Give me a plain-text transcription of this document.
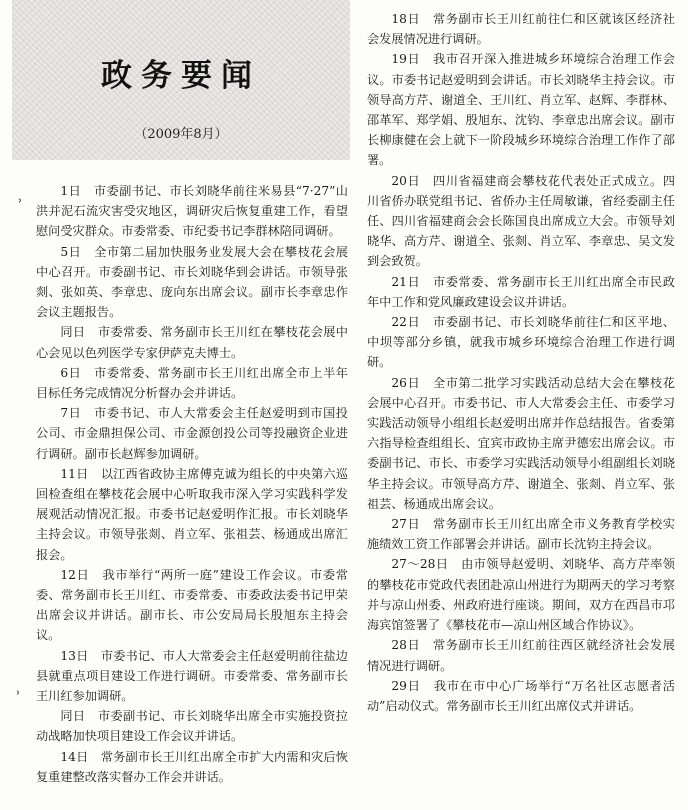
政务要闻
（2009年8月）
ʾ
ʾ

1日　市委副书记、市长刘晓华前往米易县“7·27”山洪并泥石流灾害受灾地区，调研灾后恢复重建工作，看望慰问受灾群众。市委常委、市纪委书记李群林陪同调研。

5日　全市第二届加快服务业发展大会在攀枝花会展中心召开。市委副书记、市长刘晓华到会讲话。市领导张剡、张如英、李章忠、庞向东出席会议。副市长李章忠作会议主题报告。

同日　市委常委、常务副市长王川红在攀枝花会展中心会见以色列医学专家伊萨克夫博士。

6日　市委常委、常务副市长王川红出席全市上半年目标任务完成情况分析督办会并讲话。

7日　市委书记、市人大常委会主任赵爱明到市国投公司、市金鼎担保公司、市金源创投公司等投融资企业进行调研。副市长赵辉参加调研。

11日　以江西省政协主席傅克诚为组长的中央第六巡回检查组在攀枝花会展中心听取我市深入学习实践科学发展观活动情况汇报。市委书记赵爱明作汇报。市长刘晓华主持会议。市领导张剡、肖立军、张祖芸、杨通成出席汇报会。

12日　我市举行“两所一庭”建设工作会议。市委常委、常务副市长王川红、市委常委、市委政法委书记甲荣出席会议并讲话。副市长、市公安局局长殷旭东主持会议。

13日　市委书记、市人大常委会主任赵爱明前往盐边县就重点项目建设工作进行调研。市委常委、常务副市长王川红参加调研。

同日　市委副书记、市长刘晓华出席全市实施投资拉动战略加快项目建设工作会议并讲话。

14日　常务副市长王川红出席全市扩大内需和灾后恢复重建整改落实督办工作会并讲话。

18日　常务副市长王川红前往仁和区就该区经济社会发展情况进行调研。

19日　我市召开深入推进城乡环境综合治理工作会议。市委书记赵爱明到会讲话。市长刘晓华主持会议。市领导高方芹、谢道全、王川红、肖立军、赵辉、李群林、邵革军、郑学娟、殷旭东、沈钧、李章忠出席会议。副市长柳康健在会上就下一阶段城乡环境综合治理工作作了部署。

20日　四川省福建商会攀枝花代表处正式成立。四川省侨办联党组书记、省侨办主任周敏谦，省经委副主任任、四川省福建商会会长陈国良出席成立大会。市领导刘晓华、高方芹、谢道全、张剡、肖立军、李章忠、吴文发到会致贺。

21日　市委常委、常务副市长王川红出席全市民政年中工作和党风廉政建设会议并讲话。

22日　市委副书记、市长刘晓华前往仁和区平地、中坝等部分乡镇，就我市城乡环境综合治理工作进行调研。

26日　全市第二批学习实践活动总结大会在攀枝花会展中心召开。市委书记、市人大常委会主任、市委学习实践活动领导小组组长赵爱明出席并作总结报告。省委第六指导检查组组长、宜宾市政协主席尹德宏出席会议。市委副书记、市长、市委学习实践活动领导小组副组长刘晓华主持会议。市领导高方芹、谢道全、张剡、肖立军、张祖芸、杨通成出席会议。

27日　常务副市长王川红出席全市义务教育学校实施绩效工资工作部署会并讲话。副市长沈钧主持会议。

27～28日　由市领导赵爱明、刘晓华、高方芹率领的攀枝花市党政代表团赴凉山州进行为期两天的学习考察并与凉山州委、州政府进行座谈。期间，双方在西昌市邛海宾馆签署了《攀枝花市—凉山州区域合作协议》。

28日　常务副市长王川红前往西区就经济社会发展情况进行调研。

29日　我市在市中心广场举行“万名社区志愿者活动”启动仪式。常务副市长王川红出席仪式并讲话。
